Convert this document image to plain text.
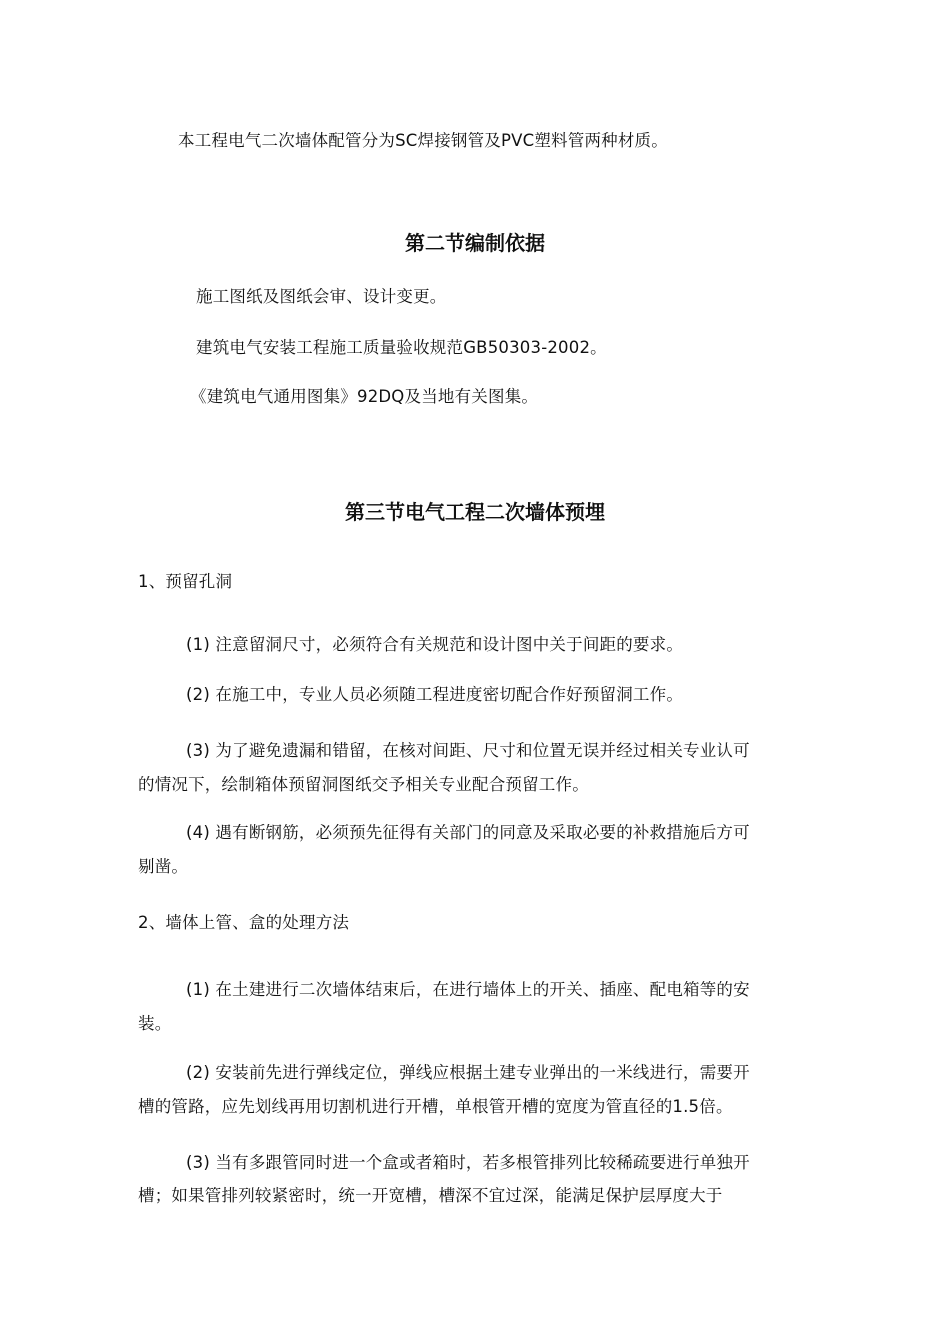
本工程电气二次墙体配管分为SC焊接钢管及PVC塑料管两种材质。
第二节编制依据
施工图纸及图纸会审、设计变更。
建筑电气安装工程施工质量验收规范GB50303-2002。
《建筑电气通用图集》92DQ及当地有关图集。
第三节电气工程二次墙体预埋
1、预留孔洞
(1) 注意留洞尺寸，必须符合有关规范和设计图中关于间距的要求。
(2) 在施工中，专业人员必须随工程进度密切配合作好预留洞工作。
(3) 为了避免遗漏和错留，在核对间距、尺寸和位置无误并经过相关专业认可
的情况下，绘制箱体预留洞图纸交予相关专业配合预留工作。
(4) 遇有断钢筋，必须预先征得有关部门的同意及采取必要的补救措施后方可
剔凿。
2、墙体上管、盒的处理方法
(1) 在土建进行二次墙体结束后，在进行墙体上的开关、插座、配电箱等的安
装。
(2) 安装前先进行弹线定位，弹线应根据土建专业弹出的一米线进行，需要开
槽的管路，应先划线再用切割机进行开槽，单根管开槽的宽度为管直径的1.5倍。
(3) 当有多跟管同时进一个盒或者箱时，若多根管排列比较稀疏要进行单独开
槽；如果管排列较紧密时，统一开宽槽，槽深不宜过深，能满足保护层厚度大于
